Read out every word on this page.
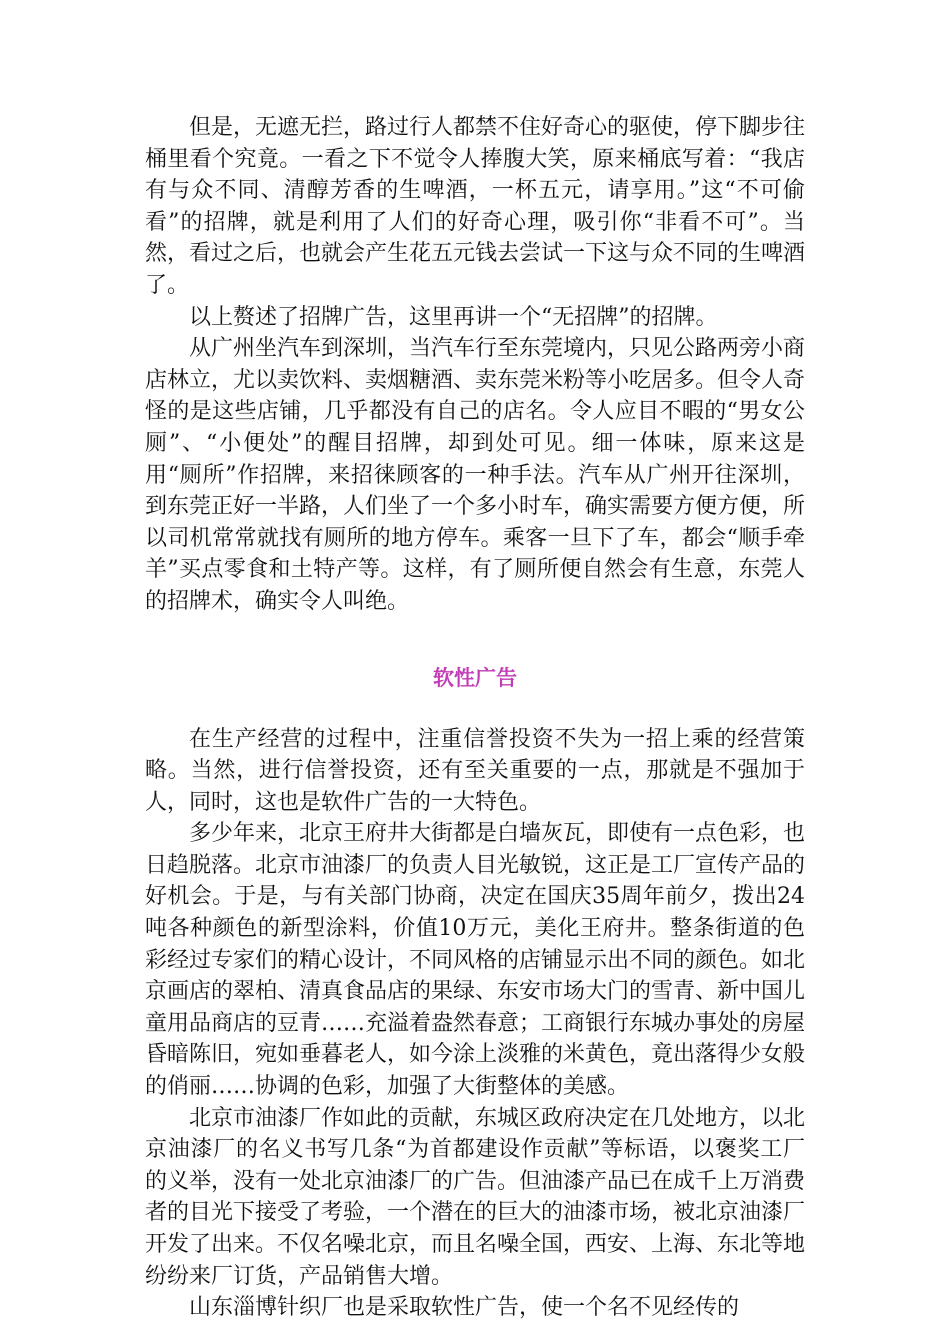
但是，无遮无拦，路过行人都禁不住好奇心的驱使，停下脚步往桶里看个究竟。一看之下不觉令人捧腹大笑，原来桶底写着：“我店有与众不同、清醇芳香的生啤酒，一杯五元，请享用。”这“不可偷看”的招牌，就是利用了人们的好奇心理，吸引你“非看不可”。当然，看过之后，也就会产生花五元钱去尝试一下这与众不同的生啤酒了。

以上赘述了招牌广告，这里再讲一个“无招牌”的招牌。

从广州坐汽车到深圳，当汽车行至东莞境内，只见公路两旁小商店林立，尤以卖饮料、卖烟糖酒、卖东莞米粉等小吃居多。但令人奇怪的是这些店铺，几乎都没有自己的店名。令人应目不暇的“男女公厕”、“小便处”的醒目招牌，却到处可见。细一体味，原来这是用“厕所”作招牌，来招徕顾客的一种手法。汽车从广州开往深圳，到东莞正好一半路，人们坐了一个多小时车，确实需要方便方便，所以司机常常就找有厕所的地方停车。乘客一旦下了车，都会“顺手牵羊”买点零食和土特产等。这样，有了厕所便自然会有生意，东莞人的招牌术，确实令人叫绝。

软性广告

在生产经营的过程中，注重信誉投资不失为一招上乘的经营策略。当然，进行信誉投资，还有至关重要的一点，那就是不强加于人，同时，这也是软件广告的一大特色。

多少年来，北京王府井大街都是白墙灰瓦，即使有一点色彩，也日趋脱落。北京市油漆厂的负责人目光敏锐，这正是工厂宣传产品的好机会。于是，与有关部门协商，决定在国庆35周年前夕，拨出24吨各种颜色的新型涂料，价值10万元，美化王府井。整条街道的色彩经过专家们的精心设计，不同风格的店铺显示出不同的颜色。如北京画店的翠柏、清真食品店的果绿、东安市场大门的雪青、新中国儿童用品商店的豆青……充溢着盎然春意；工商银行东城办事处的房屋昏暗陈旧，宛如垂暮老人，如今涂上淡雅的米黄色，竟出落得少女般的俏丽……协调的色彩，加强了大街整体的美感。

北京市油漆厂作如此的贡献，东城区政府决定在几处地方，以北京油漆厂的名义书写几条“为首都建设作贡献”等标语，以褒奖工厂的义举，没有一处北京油漆厂的广告。但油漆产品已在成千上万消费者的目光下接受了考验，一个潜在的巨大的油漆市场，被北京油漆厂开发了出来。不仅名噪北京，而且名噪全国，西安、上海、东北等地纷纷来厂订货，产品销售大增。

山东淄博针织厂也是采取软性广告，使一个名不见经传的
